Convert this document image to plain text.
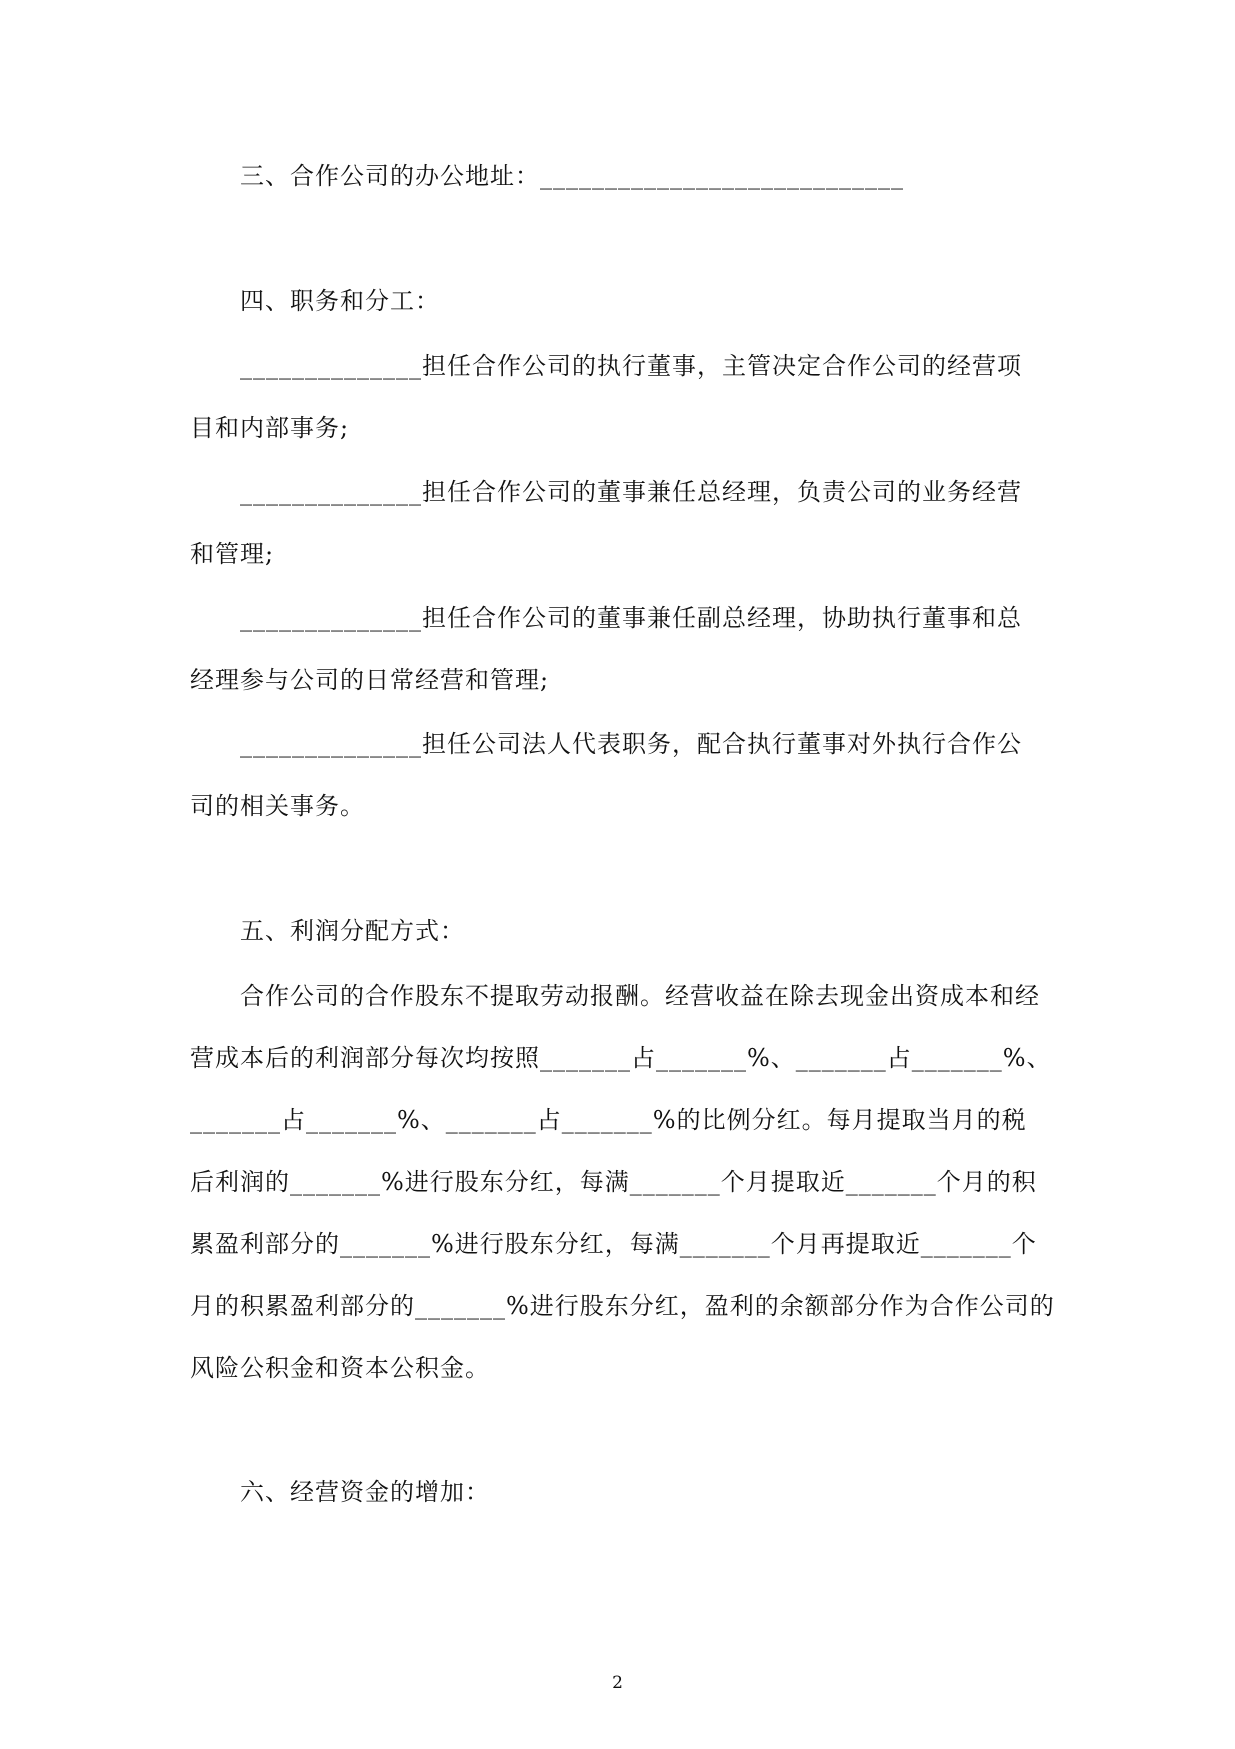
三、合作公司的办公地址：____________________________
四、职务和分工：
______________担任合作公司的执行董事，主管决定合作公司的经营项
目和内部事务;
______________担任合作公司的董事兼任总经理，负责公司的业务经营
和管理;
______________担任合作公司的董事兼任副总经理，协助执行董事和总
经理参与公司的日常经营和管理;
______________担任公司法人代表职务，配合执行董事对外执行合作公
司的相关事务。
五、利润分配方式：
合作公司的合作股东不提取劳动报酬。经营收益在除去现金出资成本和经
营成本后的利润部分每次均按照_______占_______%、_______占_______%、
_______占_______%、_______占_______%的比例分红。每月提取当月的税
后利润的_______%进行股东分红，每满_______个月提取近_______个月的积
累盈利部分的_______%进行股东分红，每满_______个月再提取近_______个
月的积累盈利部分的_______%进行股东分红，盈利的余额部分作为合作公司的
风险公积金和资本公积金。
六、经营资金的增加：
2
